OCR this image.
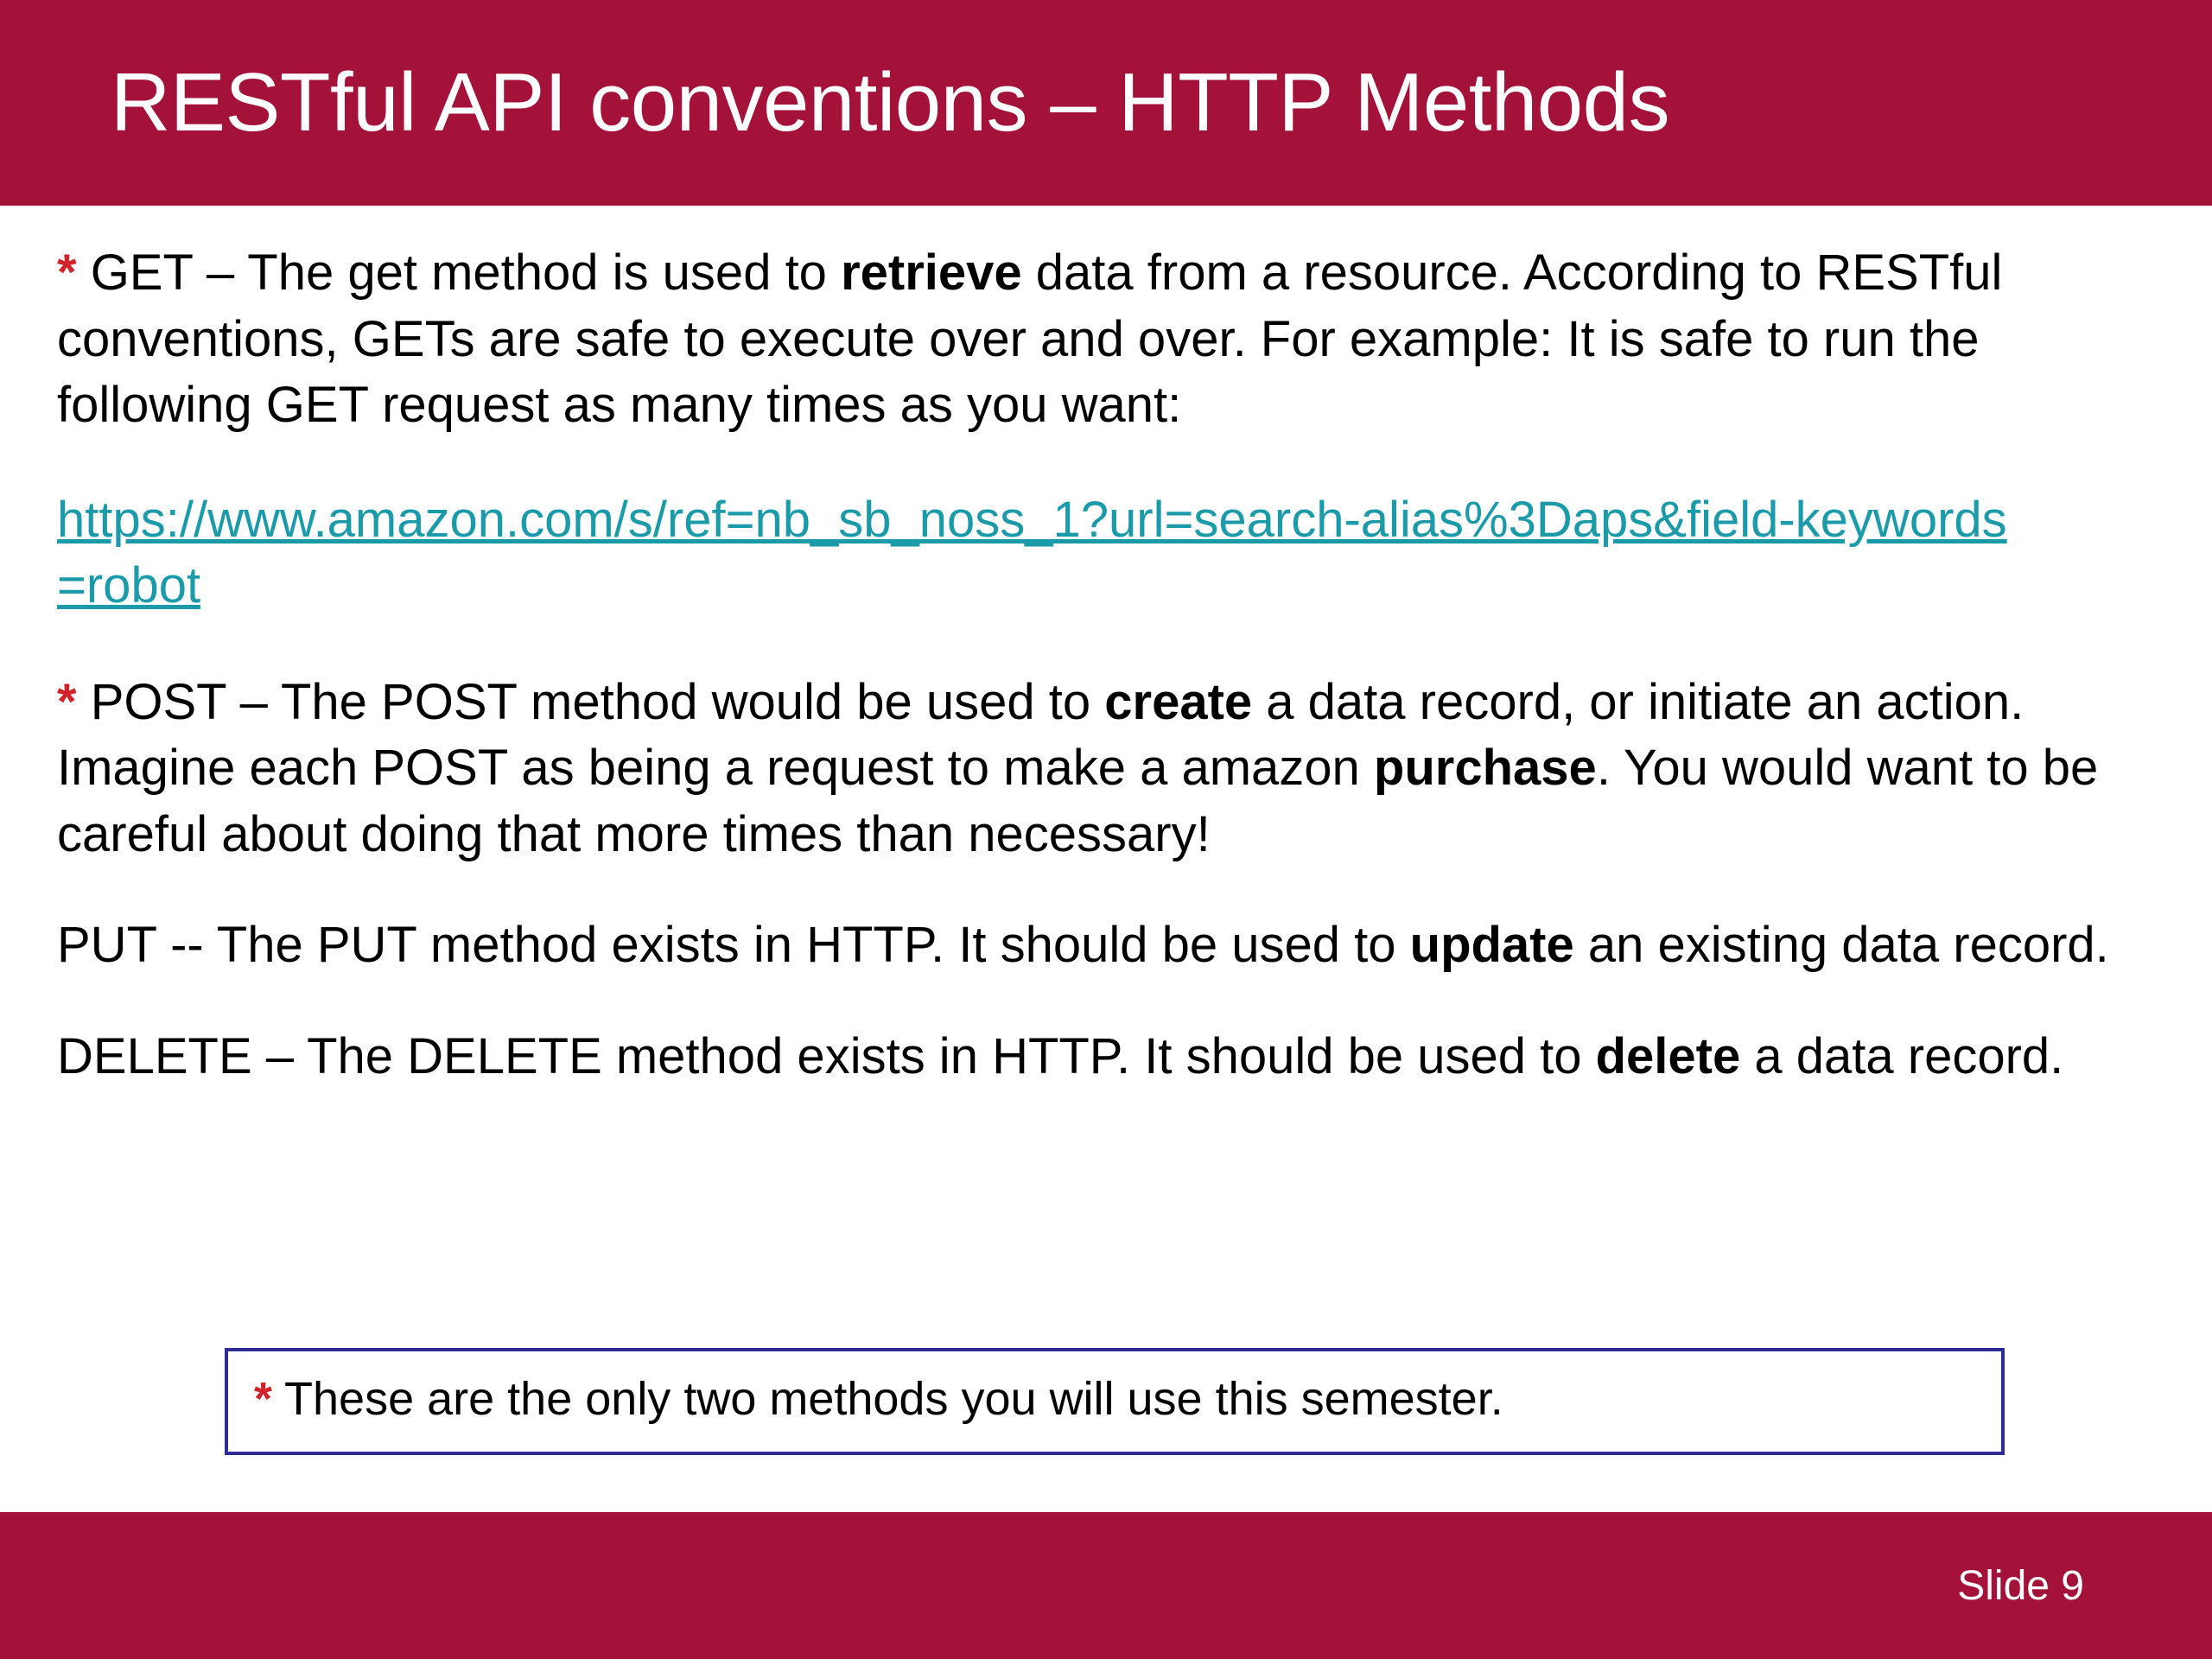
RESTful API conventions – HTTP Methods

* GET – The get method is used to retrieve data from a resource. According to RESTful conventions, GETs are safe to execute over and over. For example: It is safe to run the following GET request as many times as you want:

https://www.amazon.com/s/ref=nb_sb_noss_1?url=search-alias%3Daps&field-keywords=robot

* POST – The POST method would be used to create a data record, or initiate an action. Imagine each POST as being a request to make a amazon purchase. You would want to be careful about doing that more times than necessary!

PUT -- The PUT method exists in HTTP. It should be used to update an existing data record.

DELETE – The DELETE method exists in HTTP. It should be used to delete a data record.

* These are the only two methods you will use this semester.
Slide 9
